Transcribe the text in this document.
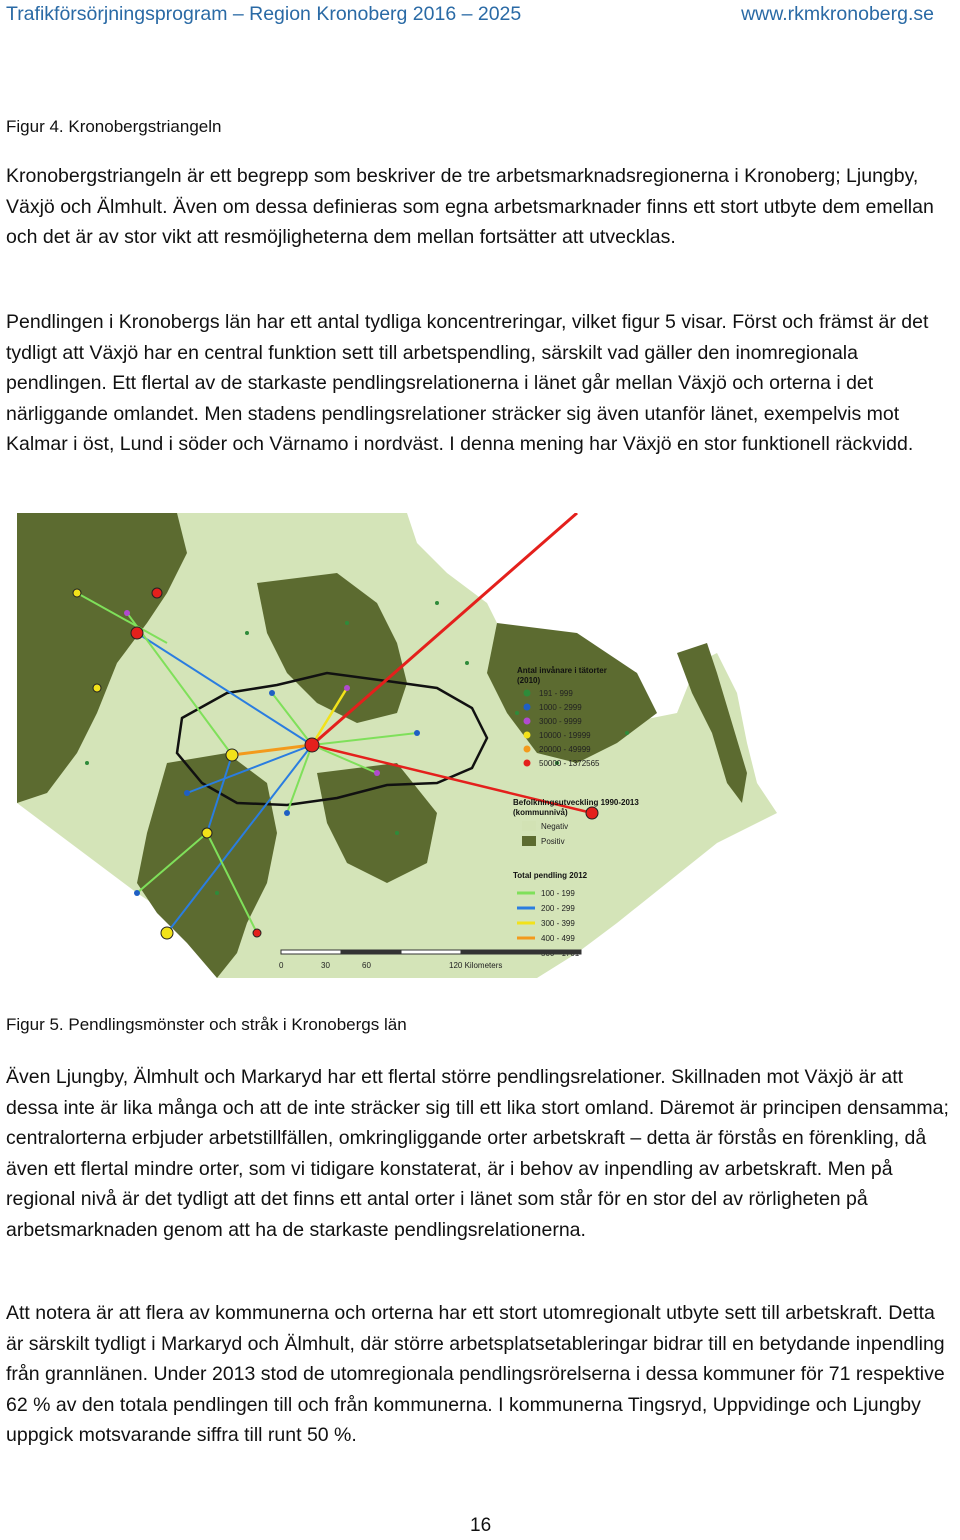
Trafikförsörjningsprogram – Region Kronoberg 2016 – 2025	www.rkmkronoberg.se
Figur 4. Kronobergstriangeln

Kronobergstriangeln är ett begrepp som beskriver de tre arbetsmarknadsregionerna i Kronoberg; Ljungby, Växjö och Älmhult. Även om dessa definieras som egna arbetsmarknader finns ett stort utbyte dem emellan och det är av stor vikt att resmöjligheterna dem mellan fortsätter att utvecklas.

Pendlingen i Kronobergs län har ett antal tydliga koncentreringar, vilket figur 5 visar. Först och främst är det tydligt att Växjö har en central funktion sett till arbetspendling, särskilt vad gäller den inomregionala pendlingen. Ett flertal av de starkaste pendlingsrelationerna i länet går mellan Växjö och orterna i det närliggande omlandet. Men stadens pendlingsrelationer sträcker sig även utanför länet, exempelvis mot Kalmar i öst, Lund i söder och Värnamo i nordväst. I denna mening har Växjö en stor funktionell räckvidd.

Antal invånare i tätorter
(2010)
191 - 999
1000 - 2999
3000 - 9999
10000 - 19999
20000 - 49999
50000 - 1372565
Befolkningsutveckling 1990-2013
(kommunnivå)
Negativ
Positiv
Total pendling 2012
100 - 199
200 - 299
300 - 399
400 - 499
0	30	60	120 Kilometers
Figur 5. Pendlingsmönster och stråk i Kronobergs län

Även Ljungby, Älmhult och Markaryd har ett flertal större pendlingsrelationer. Skillnaden mot Växjö är att dessa inte är lika många och att de inte sträcker sig till ett lika stort omland. Däremot är principen densamma; centralorterna erbjuder arbetstillfällen, omkringliggande orter arbetskraft – detta är förstås en förenkling, då även ett flertal mindre orter, som vi tidigare konstaterat, är i behov av inpendling av arbetskraft. Men på regional nivå är det tydligt att det finns ett antal orter i länet som står för en stor del av rörligheten på arbetsmarknaden genom att ha de starkaste pendlingsrelationerna.

Att notera är att flera av kommunerna och orterna har ett stort utomregionalt utbyte sett till arbetskraft. Detta är särskilt tydligt i Markaryd och Älmhult, där större arbetsplatsetableringar bidrar till en betydande inpendling från grannlänen. Under 2013 stod de utomregionala pendlingsrörelserna i dessa kommuner för 71 respektive 62 % av den totala pendlingen till och från kommunerna. I kommunerna Tingsryd, Uppvidinge och Ljungby uppgick motsvarande siffra till runt 50 %.

16
